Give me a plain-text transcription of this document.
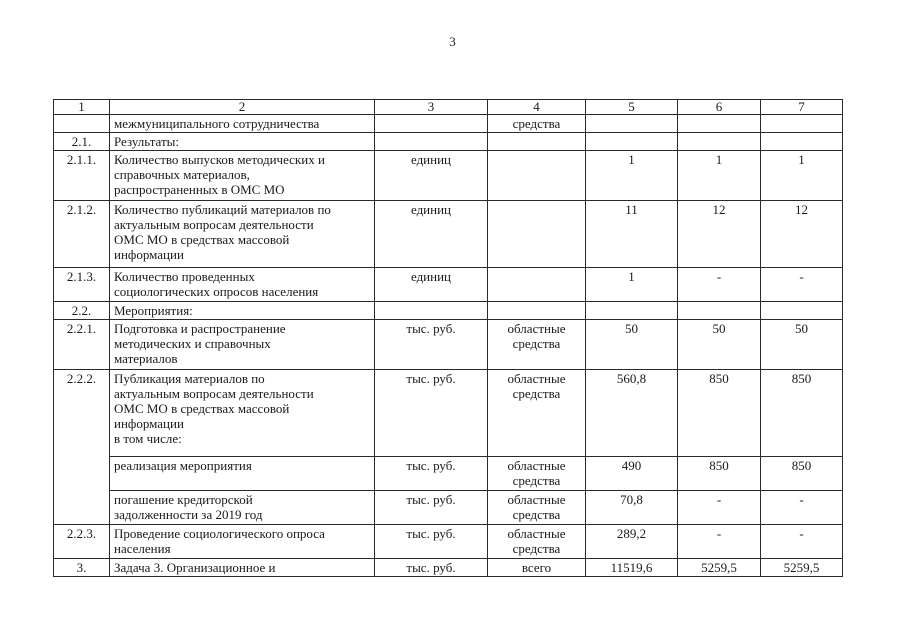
3
1	2	3	4	5	6	7

	межмуниципального сотрудничества		средства			

2.1.	Результаты:					

2.1.1.	Количество выпусков методических и
справочных материалов,
распространенных в ОМС МО	единиц		1	1	1
2.1.2.	Количество публикаций материалов по
актуальным вопросам деятельности
ОМС МО в средствах массовой
информации	единиц		11	12	12
2.1.3.	Количество проведенных
социологических опросов населения	единиц		1	-	-
2.2.	Мероприятия:					

2.2.1.	Подготовка и распространение
методических и справочных
материалов	тыс. руб.	областные
средства	50	50	50
2.2.2.	Публикация материалов по
актуальным вопросам деятельности
ОМС МО в средствах массовой
информации
в том числе:	тыс. руб.	областные
средства	560,8	850	850

	реализация мероприятия	тыс. руб.	областные
средства	490	850	850

	погашение кредиторской
задолженности за 2019 год	тыс. руб.	областные
средства	70,8	-	-
2.2.3.	Проведение социологического опроса
населения	тыс. руб.	областные
средства	289,2	-	-
3.	Задача 3. Организационное и	тыс. руб.	всего	11519,6	5259,5	5259,5
